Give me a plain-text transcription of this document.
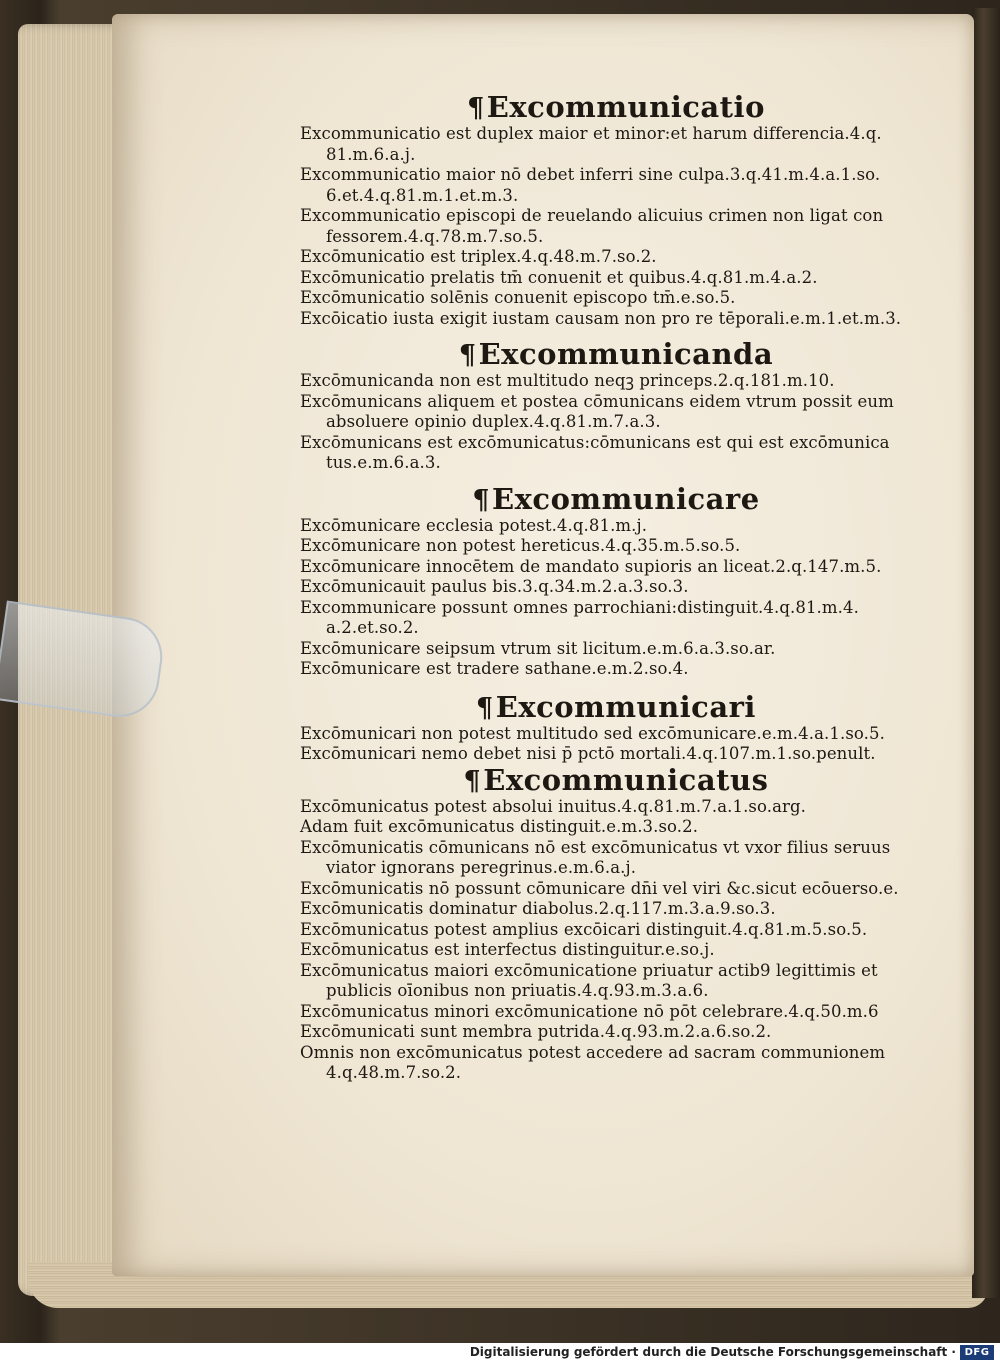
¶Excommunicatio
Excommunicatio est duplex maior et minor:et harum differencia.4.q.
81.m.6.a.j.
Excommunicatio maior nō debet inferri sine culpa.3.q.41.m.4.a.1.so.
6.et.4.q.81.m.1.et.m.3.
Excommunicatio episcopi de reuelando alicuius crimen non ligat con
fessorem.4.q.78.m.7.so.5.
Excōmunicatio est triplex.4.q.48.m.7.so.2.
Excōmunicatio prelatis tm̄ conuenit et quibus.4.q.81.m.4.a.2.
Excōmunicatio solēnis conuenit episcopo tm̄.e.so.5.
Excōicatio iusta exigit iustam causam non pro re tēporali.e.m.1.et.m.3.
¶Excommunicanda
Excōmunicanda non est multitudo neqꝫ princeps.2.q.181.m.10.
Excōmunicans aliquem et postea cōmunicans eidem vtrum possit eum
absoluere opinio duplex.4.q.81.m.7.a.3.
Excōmunicans est excōmunicatus:cōmunicans est qui est excōmunica
tus.e.m.6.a.3.
¶Excommunicare
Excōmunicare ecclesia potest.4.q.81.m.j.
Excōmunicare non potest hereticus.4.q.35.m.5.so.5.
Excōmunicare innocētem de mandato supioris an liceat.2.q.147.m.5.
Excōmunicauit paulus bis.3.q.34.m.2.a.3.so.3.
Excommunicare possunt omnes parrochiani:distinguit.4.q.81.m.4.
a.2.et.so.2.
Excōmunicare seipsum vtrum sit licitum.e.m.6.a.3.so.ar.
Excōmunicare est tradere sathane.e.m.2.so.4.
¶Excommunicari
Excōmunicari non potest multitudo sed excōmunicare.e.m.4.a.1.so.5.
Excōmunicari nemo debet nisi p̄ pctō mortali.4.q.107.m.1.so.penult.
¶Excommunicatus
Excōmunicatus potest absolui inuitus.4.q.81.m.7.a.1.so.arg.
Adam fuit excōmunicatus distinguit.e.m.3.so.2.
Excōmunicatis cōmunicans nō est excōmunicatus vt vxor filius seruus
viator ignorans peregrinus.e.m.6.a.j.
Excōmunicatis nō possunt cōmunicare dn̄i vel viri &c.sicut ecōuerso.e.
Excōmunicatis dominatur diabolus.2.q.117.m.3.a.9.so.3.
Excōmunicatus potest amplius excōicari distinguit.4.q.81.m.5.so.5.
Excōmunicatus est interfectus distinguitur.e.so.j.
Excōmunicatus maiori excōmunicatione priuatur actib9 legittimis et
publicis oīonibus non priuatis.4.q.93.m.3.a.6.
Excōmunicatus minori excōmunicatione nō pōt celebrare.4.q.50.m.6
Excōmunicati sunt membra putrida.4.q.93.m.2.a.6.so.2.
Omnis non excōmunicatus potest accedere ad sacram communionem
4.q.48.m.7.so.2.
Digitalisierung gefördert durch die Deutsche Forschungsgemeinschaft · DFG
